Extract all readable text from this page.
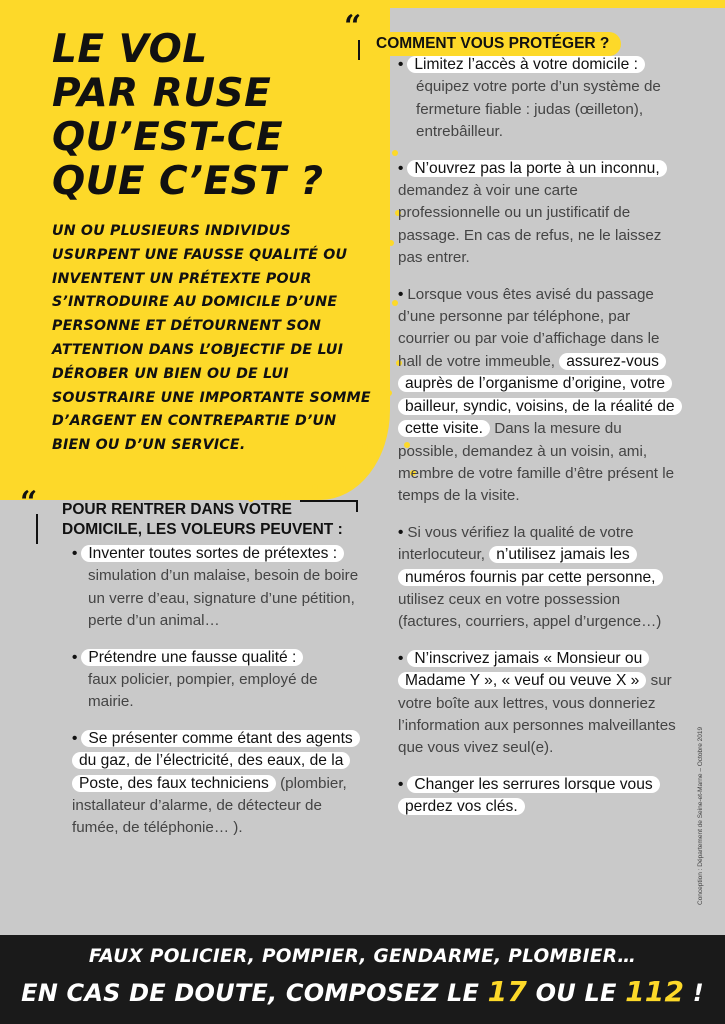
LE VOL
PAR RUSE
QU’EST-CE
QUE C’EST ?

UN OU PLUSIEURS INDIVIDUS USURPENT UNE FAUSSE QUALITÉ OU INVENTENT UN PRÉTEXTE POUR S’INTRODUIRE AU DOMICILE D’UNE PERSONNE ET DÉTOURNENT SON ATTENTION DANS L’OBJECTIF DE LUI DÉROBER UN BIEN OU DE LUI SOUSTRAIRE UNE IMPORTANTE SOMME D’ARGENT EN CONTREPARTIE D’UN BIEN OU D’UN SERVICE.

“ COMMENT VOUS PROTÉGER ?
• Limitez l’accès à votre domicile :
équipez votre porte d’un système de fermeture fiable : judas (œilleton), entrebâilleur.
• N’ouvrez pas la porte à un inconnu, demandez à voir une carte professionnelle ou un justificatif de passage. En cas de refus, ne le laissez pas entrer.
• Lorsque vous êtes avisé du passage d’une personne par téléphone, par courrier ou par voie d’affichage dans le hall de votre immeuble, assurez-vous auprès de l’organisme d’origine, votre bailleur, syndic, voisins, de la réalité de cette visite. Dans la mesure du possible, demandez à un voisin, ami, membre de votre famille d’être présent le temps de la visite.
• Si vous vérifiez la qualité de votre interlocuteur, n’utilisez jamais les numéros fournis par cette personne, utilisez ceux en votre possession (factures, courriers, appel d’urgence…)
• N’inscrivez jamais « Monsieur ou Madame Y », « veuf ou veuve X » sur votre boîte aux lettres, vous donneriez l’information aux personnes malveillantes que vous vivez seul(e).
• Changer les serrures lorsque vous perdez vos clés.
“ POUR RENTRER DANS VOTRE DOMICILE, LES VOLEURS PEUVENT :
• Inventer toutes sortes de prétextes :
simulation d’un malaise, besoin de boire un verre d’eau, signature d’une pétition, perte d’un animal…
• Prétendre une fausse qualité :
faux policier, pompier, employé de mairie.
• Se présenter comme étant des agents du gaz, de l’électricité, des eaux, de la Poste, des faux techniciens (plombier, installateur d’alarme, de détecteur de fumée, de téléphonie… ).	Conception : Département de Seine-et-Marne – Octobre 2019
FAUX POLICIER, POMPIER, GENDARME, PLOMBIER…
EN CAS DE DOUTE, COMPOSEZ LE 17 OU LE 112 !
